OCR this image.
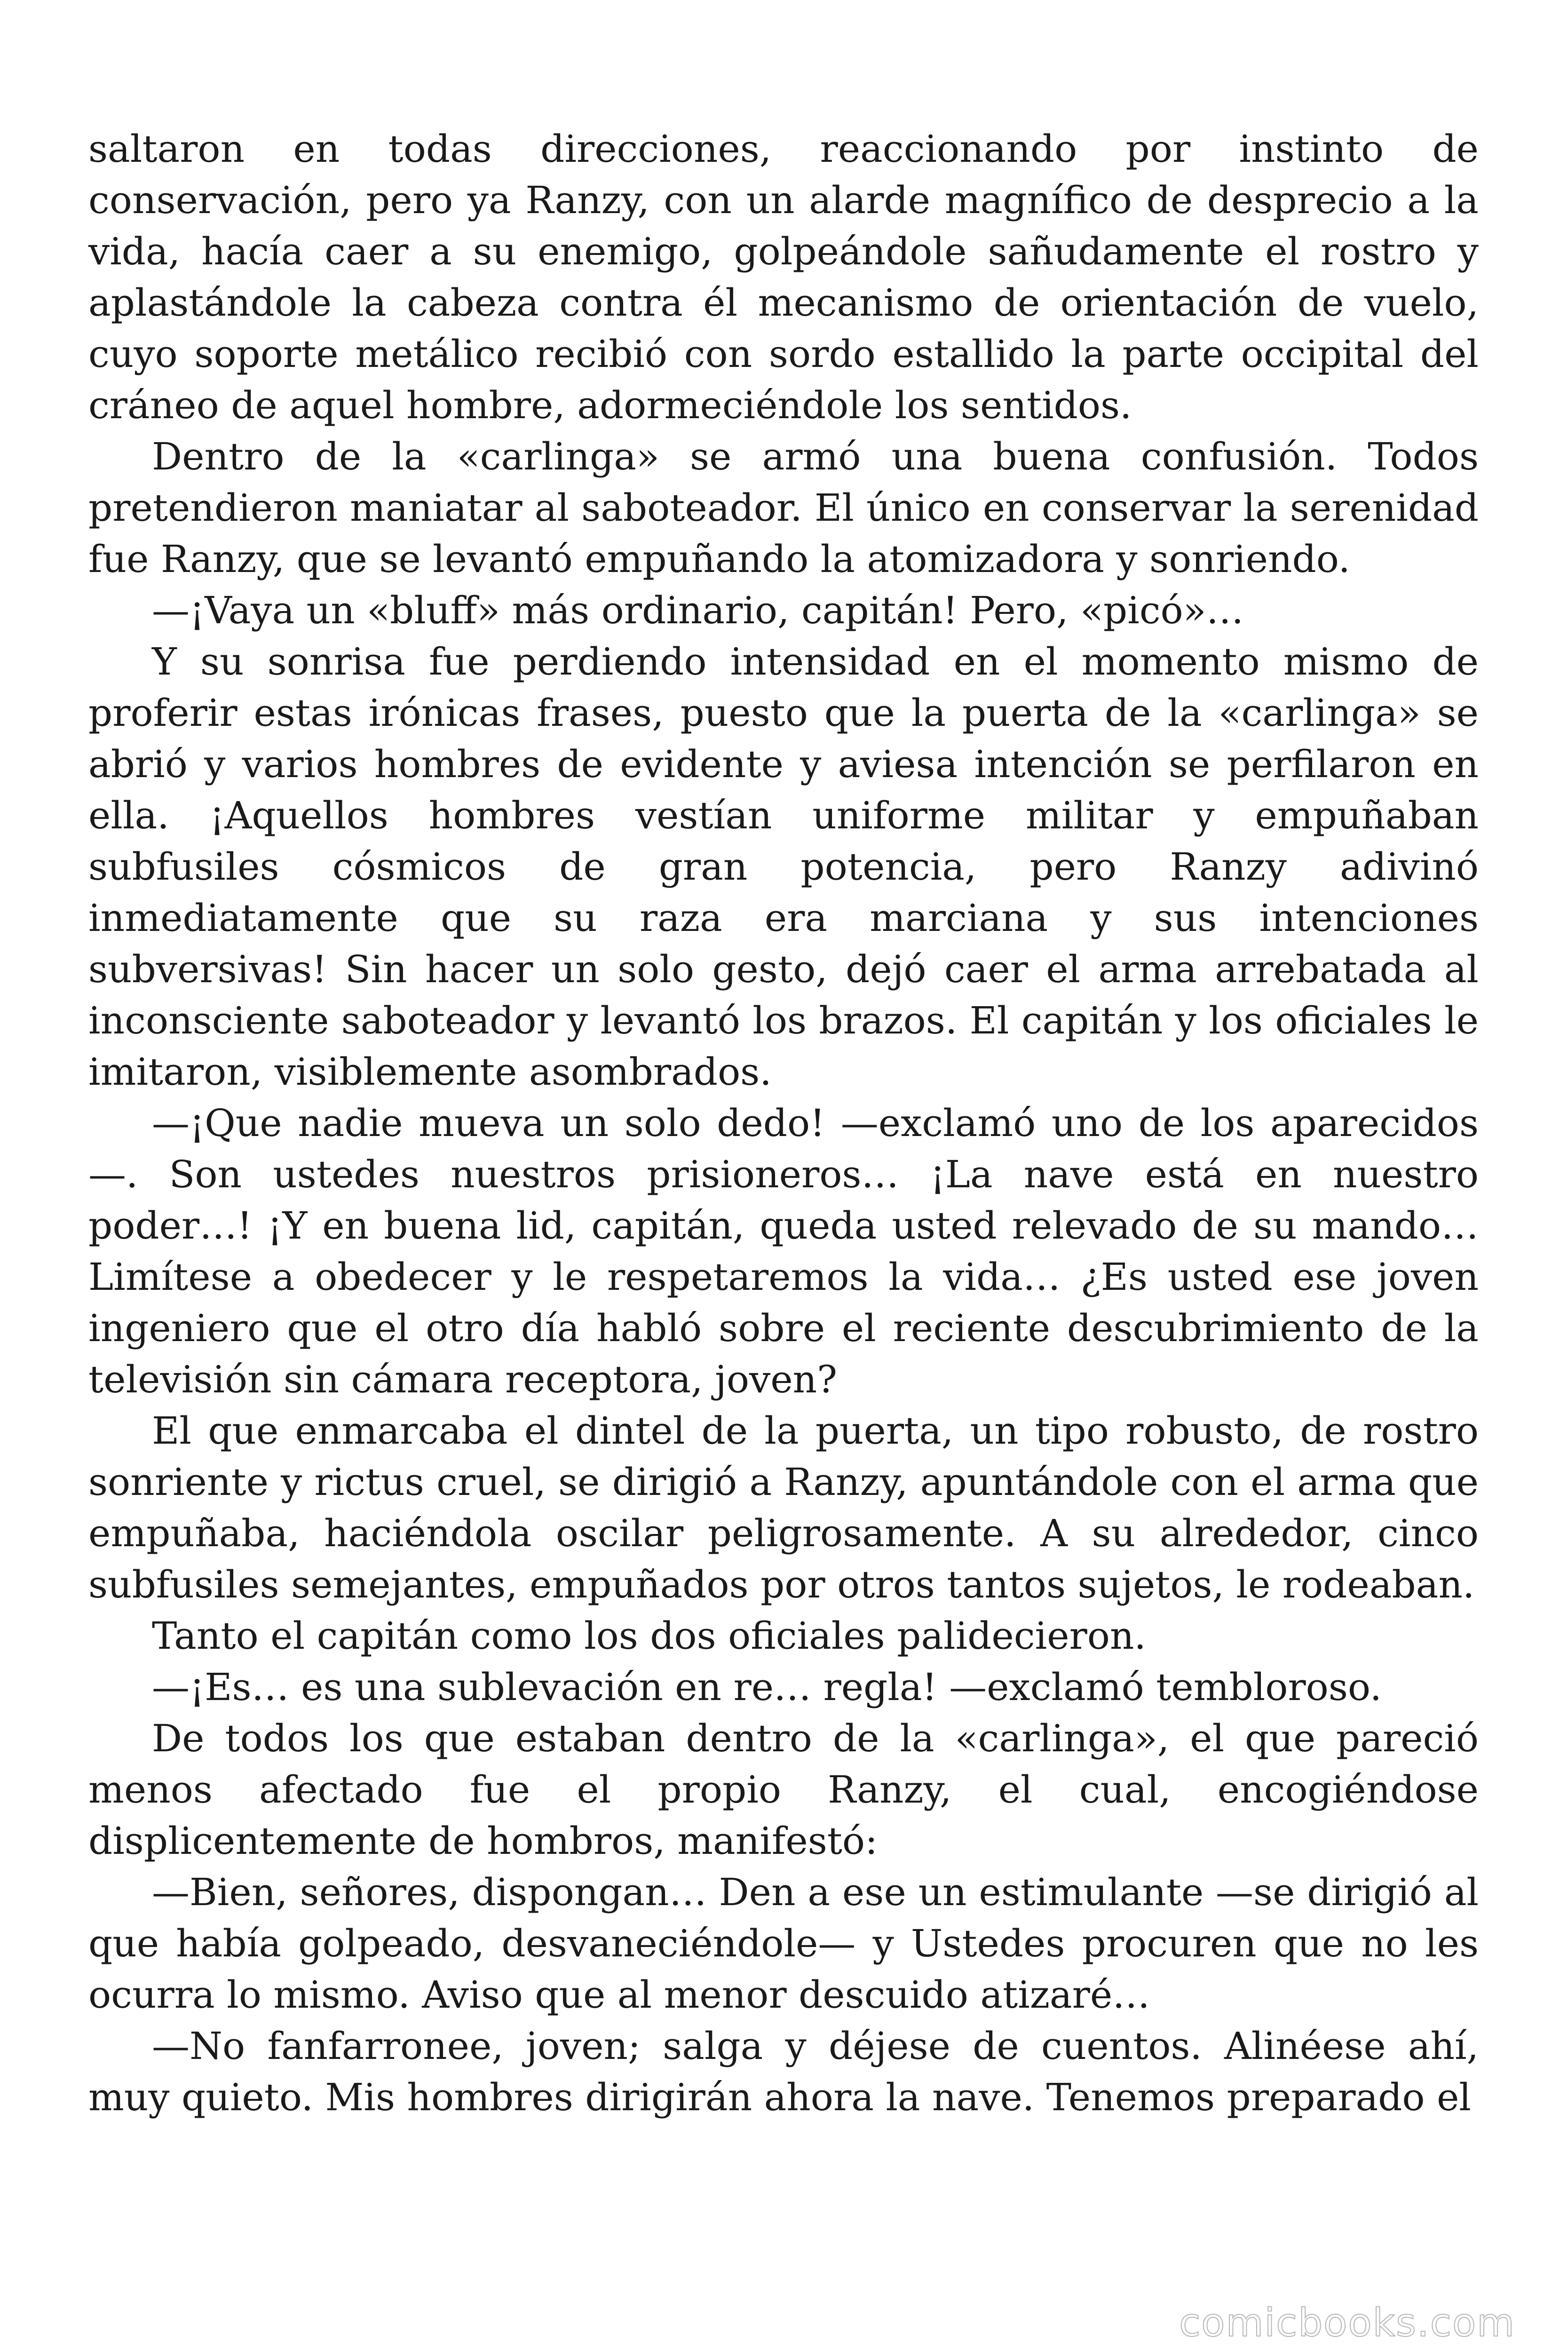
saltaron en todas direcciones, reaccionando por instinto de conservación, pero ya Ranzy, con un alarde magnífico de desprecio a la vida, hacía caer a su enemigo, golpeándole sañudamente el rostro y aplastándole la cabeza contra él mecanismo de orientación de vuelo, cuyo soporte metálico recibió con sordo estallido la parte occipital del cráneo de aquel hombre, adormeciéndole los sentidos.

Dentro de la «carlinga» se armó una buena confusión. Todos pretendieron maniatar al saboteador. El único en conservar la serenidad fue Ranzy, que se levantó empuñando la atomizadora y sonriendo.

—¡Vaya un «bluff» más ordinario, capitán! Pero, «picó»…

Y su sonrisa fue perdiendo intensidad en el momento mismo de proferir estas irónicas frases, puesto que la puerta de la «carlinga» se abrió y varios hombres de evidente y aviesa intención se perfilaron en ella. ¡Aquellos hombres vestían uniforme militar y empuñaban subfusiles cósmicos de gran potencia, pero Ranzy adivinó inmediatamente que su raza era marciana y sus intenciones subversivas! Sin hacer un solo gesto, dejó caer el arma arrebatada al inconsciente saboteador y levantó los brazos. El capitán y los oficiales le imitaron, visiblemente asombrados.

—¡Que nadie mueva un solo dedo! —exclamó uno de los aparecidos —. Son ustedes nuestros prisioneros… ¡La nave está en nuestro poder…! ¡Y en buena lid, capitán, queda usted relevado de su mando… Limítese a obedecer y le respetaremos la vida… ¿Es usted ese joven ingeniero que el otro día habló sobre el reciente descubrimiento de la televisión sin cámara receptora, joven?

El que enmarcaba el dintel de la puerta, un tipo robusto, de rostro sonriente y rictus cruel, se dirigió a Ranzy, apuntándole con el arma que empuñaba, haciéndola oscilar peligrosamente. A su alrededor, cinco subfusiles semejantes, empuñados por otros tantos sujetos, le rodeaban.

Tanto el capitán como los dos oficiales palidecieron.

—¡Es… es una sublevación en re… regla! —exclamó tembloroso.

De todos los que estaban dentro de la «carlinga», el que pareció menos afectado fue el propio Ranzy, el cual, encogiéndose displicentemente de hombros, manifestó:

—Bien, señores, dispongan… Den a ese un estimulante —se dirigió al que había golpeado, desvaneciéndole— y Ustedes procuren que no les ocurra lo mismo. Aviso que al menor descuido atizaré…

—No fanfarronee, joven; salga y déjese de cuentos. Alinéese ahí, muy quieto. Mis hombres dirigirán ahora la nave. Tenemos preparado el

comicbooks.com
